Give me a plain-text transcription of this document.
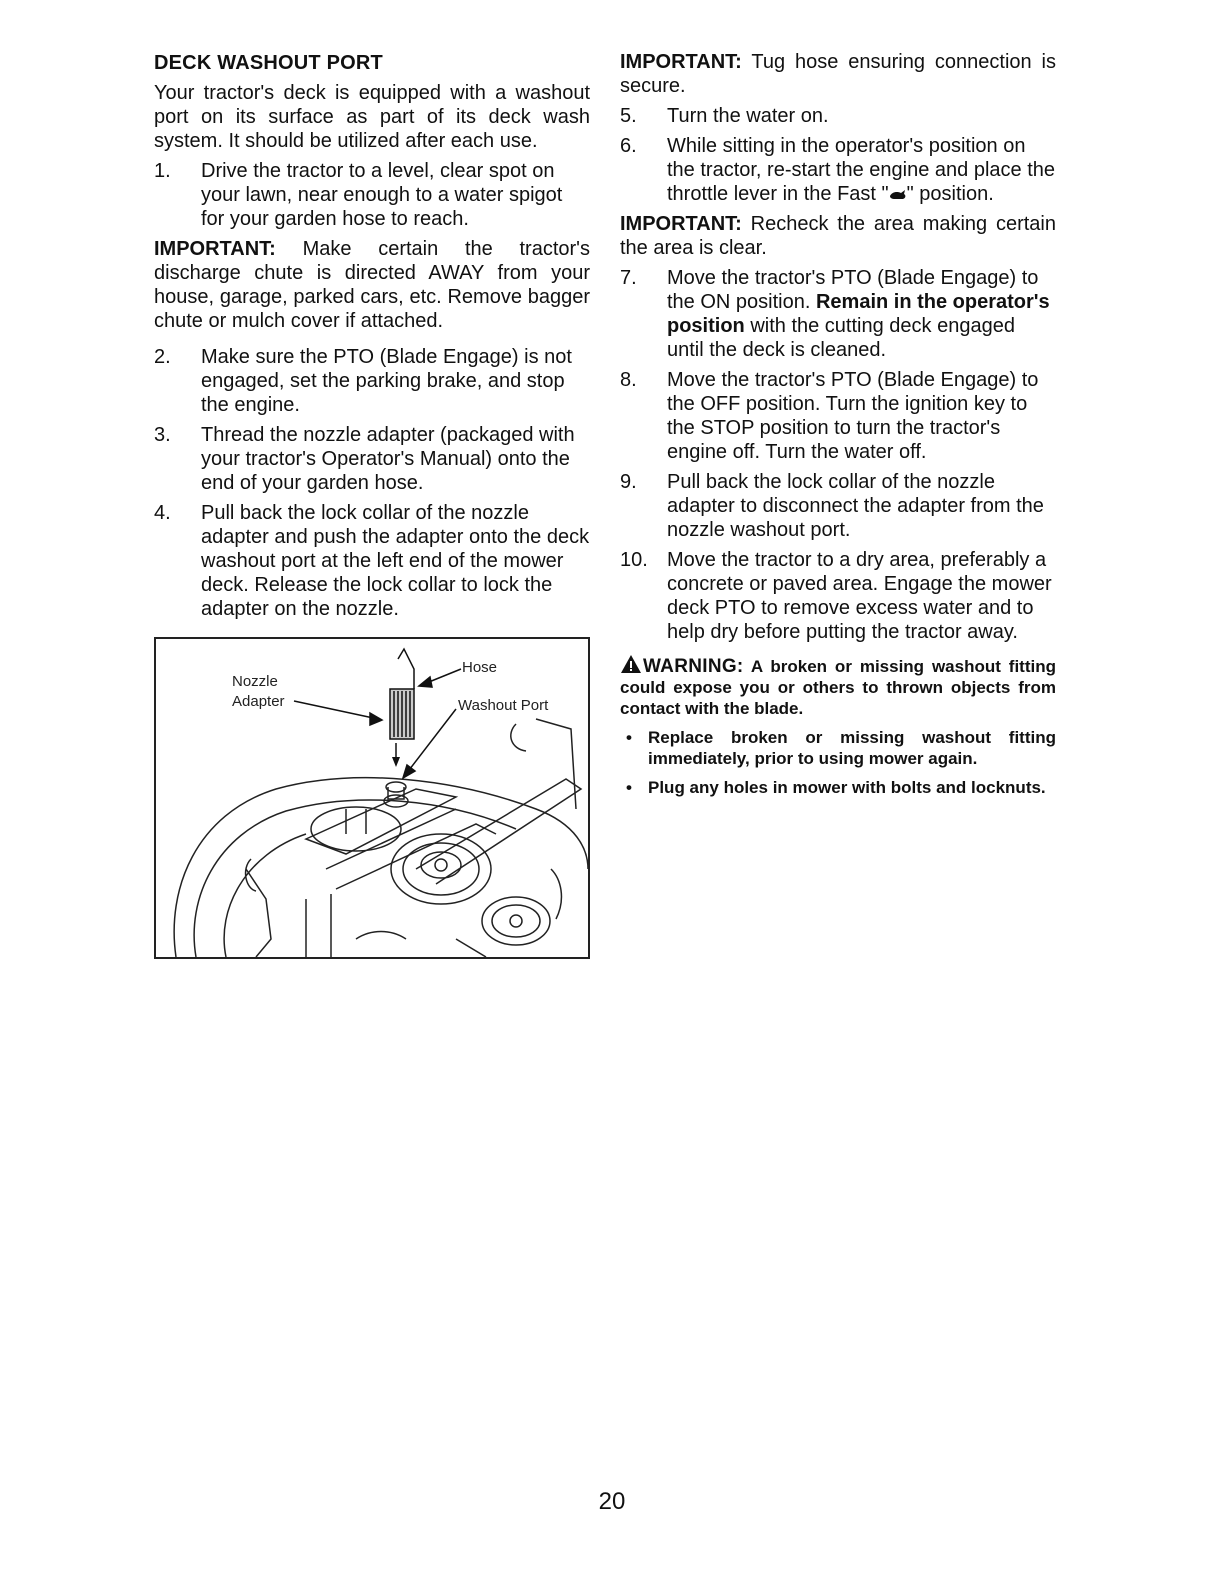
DECK WASHOUT PORT

Your tractor's deck is equipped with a washout port on its surface as part of its deck wash system. It should be utilized after each use.

1. Drive the tractor to a level, clear spot on your lawn, near enough to a water spigot for your garden hose to reach.

IMPORTANT: Make certain the tractor's discharge chute is directed AWAY from your house, garage, parked cars, etc. Remove bagger chute or mulch cover if attached.

2. Make sure the PTO (Blade Engage) is not engaged, set the parking brake, and stop the engine.
3. Thread the nozzle adapter (packaged with your tractor's Operator's Manual) onto the end of your garden hose.
4. Pull back the lock collar of the nozzle adapter and push the adapter onto the deck washout port at the left end of the mower deck. Release the lock collar to lock the adapter on the nozzle.
Nozzle
Adapter
Hose
Washout Port

IMPORTANT: Tug hose ensuring connection is secure.

5. Turn the water on.
6. While sitting in the operator's position on the tractor, re-start the engine and place the throttle lever in the Fast " " position.

IMPORTANT: Recheck the area making certain the area is clear.

7. Move the tractor's PTO (Blade Engage) to the ON position. Remain in the operator's position with the cutting deck engaged until the deck is cleaned.
8. Move the tractor's PTO (Blade Engage) to the OFF position. Turn the ignition key to the STOP position to turn the tractor's engine off. Turn the water off.
9. Pull back the lock collar of the nozzle adapter to disconnect the adapter from the nozzle washout port.
10. Move the tractor to a dry area, preferably a concrete or paved area. Engage the mower deck PTO to remove excess water and to help dry before putting the tractor away.
WARNING: A broken or missing washout fitting could expose you or others to thrown objects from contact with the blade.
• Replace broken or missing washout fitting immediately, prior to using mower again.
• Plug any holes in mower with bolts and locknuts.
20
